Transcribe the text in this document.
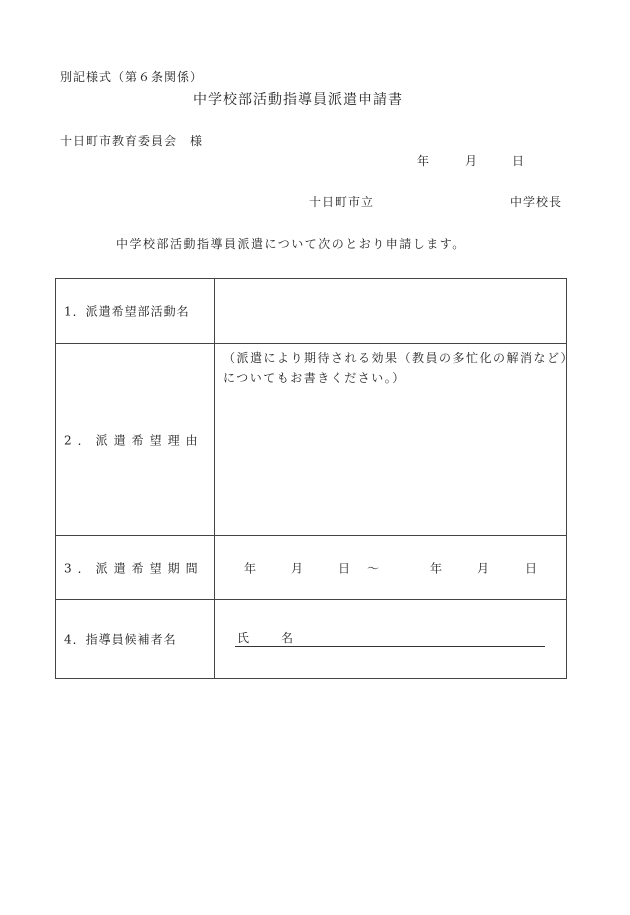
別記様式（第６条関係）
中学校部活動指導員派遣申請書
十日町市教育委員会　様
年	月	日
十日町市立	中学校長
中学校部活動指導員派遣について次のとおり申請します。
1．派遣希望部活動名
2．派遣希望理由
（派遣により期待される効果（教員の多忙化の解消など）についてもお書きください。）
3．派遣希望期間	年	月	日 ～	年	月	日
4．指導員候補者名	氏　名
